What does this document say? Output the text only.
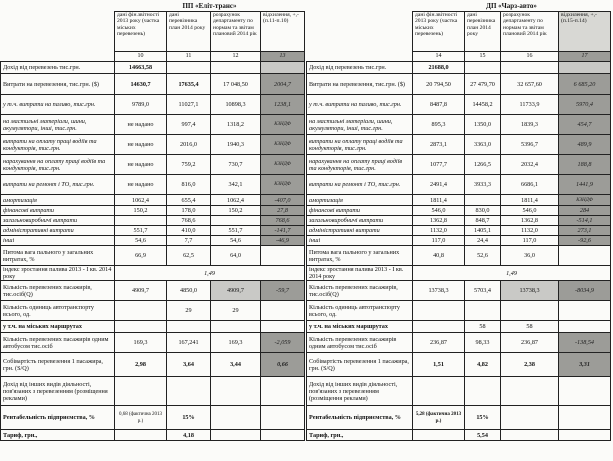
	ПП «Еліт-транс»			
	дані фін.звітності 2013 року (частка міських перевезень)	дані перевізника план 2014 року	розрахунок департаменту по нормам та звітам плановий 2014 рік	відхилення, +,- (п.11-п.10)
	10	11	12	13
Дохід від перевезень тис.грн.	14663,58			
Витрати на перевезення, тис.грн. ($)	14630,7	17635,4	17 048,50	2004,7
у т.ч. витрати на паливо, тис.грн.	9789,0	11027,1	10898,3	1238,1
на мастильні матеріали, шини, акумулятори, інші, тис.грн.	не надано	997,4	1318,2	КЗНДФ
витрати на оплату праці водіїв та кондукторів, тис.грн.	не надано	2016,0	1940,3	КЗНДФ
нарахування на оплату праці водіїв та кондукторів, тис.грн.	не надано	759,2	730,7	КЗНДФ
витрати на ремонт і ТО, тис.грн.	не надано	816,0	342,1	КЗНДФ
амортизація	1062,4	655,4	1062,4	-407,0
фінансові витрати	150,2	178,0	150,2	27,8
загальновиробничі витрати		768,6		768,6
адміністративні витрати	551,7	410,0	551,7	-141,7
інші	54,6	7,7	54,6	-46,9
Питома вага пального у загальних витратах, %	66,9	62,5	64,0	
індекс зростання палива 2013 - I кв. 2014 року	1,49			
Кількість перевезених пасажирів, тис.осіб(Q)	4909,7	4850,0	4909,7	-59,7
Кількість одиниць автотранспорту всього, од.		29	29	
у т.ч. на міських маршрутах				
Кількість перевезених пасажирів одним автобусом тис.осіб	169,3	167,241	169,3	-2,059
Собівартість перевезення 1 пасажира, грн. (S/Q)	2,98	3,64	3,44	0,66
Дохід від інших видів діяльності, пов'язаних з перевезенням (розміщення реклами)				
Рентабельність підприємства, %	0,68 (фактична 2013 р.)	15%		
Тариф, грн.,		4,18		
	ДП «Чарз-авто»			
	дані фін.звітності 2013 року (частка міських перевезень)	дані перевізника план 2014 року	розрахунок департаменту по нормам та звітам плановий 2014 рік	відхилення, +,- (п.15-п.14)
	14	15	16	17
Дохід від перевезень тис.грн.	21688,0			
Витрати на перевезення, тис.грн. ($)	20 794,50	27 479,70	32 657,60	6 685,20
у т.ч. витрати на паливо, тис.грн.	8487,8	14458,2	11733,9	5970,4
на мастильні матеріали, шини, акумулятори, інші, тис.грн.	895,3	1350,0	1839,3	454,7
витрати на оплату праці водіїв та кондукторів, тис.грн.	2873,1	3363,0	5396,7	489,9
нарахування на оплату праці водіїв та кондукторів, тис.грн.	1077,7	1266,5	2032,4	188,8
витрати на ремонт і ТО, тис.грн.	2491,4	3933,3	6686,1	1441,9
амортизація	1811,4		1811,4	КЗНДФ
фінансові витрати	546,0	830,0	546,0	284
загальновиробничі витрати	1362,8	848,7	1362,8	-514,1
адміністративні витрати	1132,0	1405,1	1132,0	273,1
інші	117,0	24,4	117,0	-92,6
Питома вага пального у загальних витратах, %	40,8	52,6	36,0	
індекс зростання палива 2013 - I кв. 2014 року	1,49			
Кількість перевезених пасажирів, тис.осіб(Q)	13738,3	5703,4	13738,3	-8034,9
Кількість одиниць автотранспорту всього, од.				
у т.ч. на міських маршрутах		58	58	
Кількість перевезених пасажирів одним автобусом тис.осіб	236,87	98,33	236,87	-138,54
Собівартість перевезення 1 пасажира, грн. (S/Q)	1,51	4,82	2,38	3,31
Дохід від інших видів діяльності, пов'язаних з перевезенням (розміщення реклами)				
Рентабельність підприємства, %	5,28 (фактична 2013 р.)	15%		
Тариф, грн.,		5,54		
